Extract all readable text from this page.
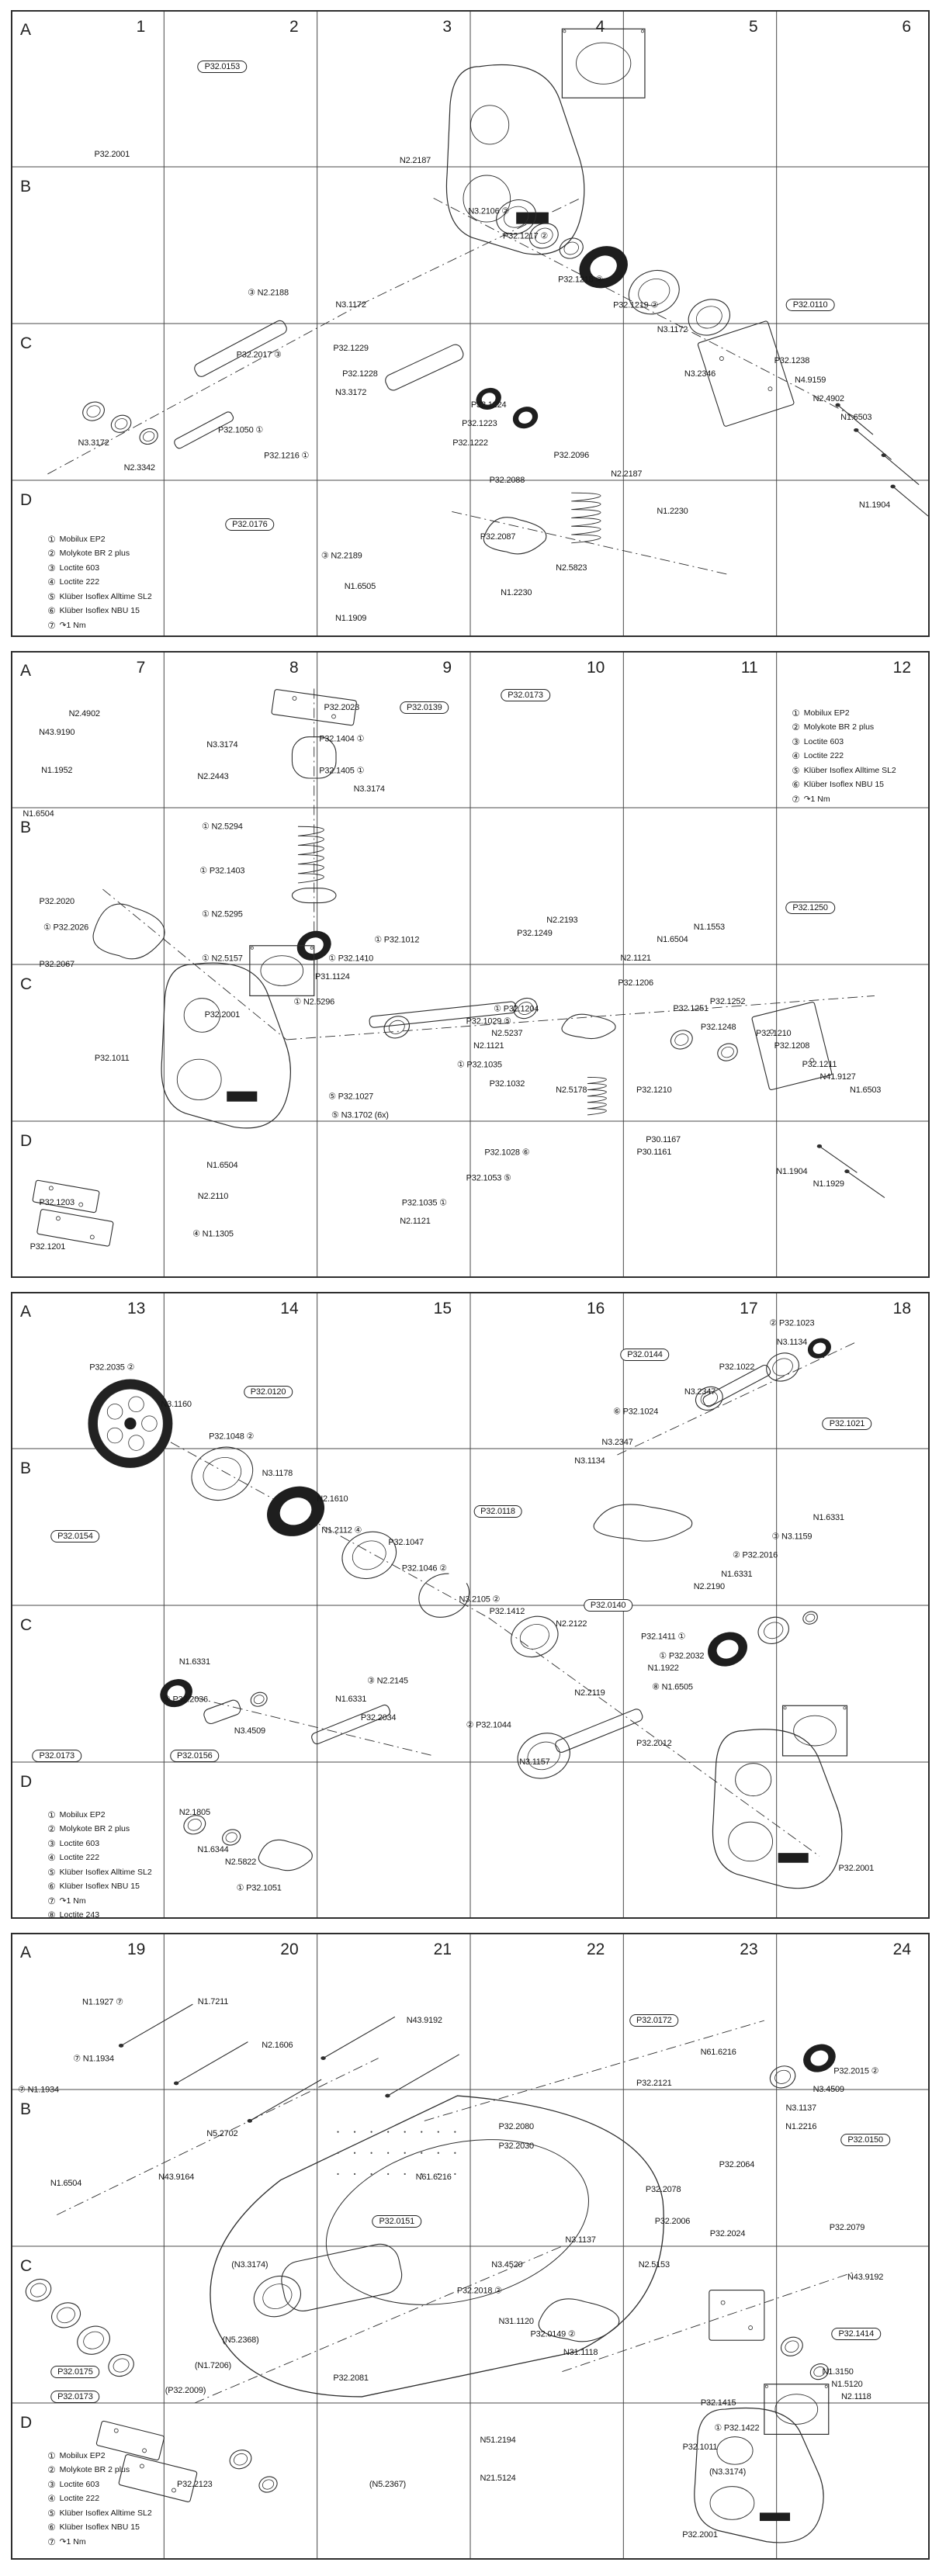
A
B
C
D
1	2	3	4	5	6
P32.0153
P32.2001
N2.2187
③ N2.2188
N3.1172
N3.2106 ②
P32.1217 ②
P32.1218 ②
P32.1219 ②	P32.0110
P32.2017 ③
P32.1229
P32.1228
N3.3172
P32.1050 ①
N3.3172
P32.1216 ①
N2.3342
P32.0176
③ N2.2189
N1.6505
N1.1909
N3.1172
P32.1238
N3.2346
N4.9159
N2.4902
N1.6503
P32.1224
P32.1223
P32.1222
P32.2096
N2.2187
P32.2088
N1.2230
N1.1904
P32.2087
N2.5823
N1.2230
① Mobilux EP2
② Molykote BR 2 plus
③ Loctite 603
④ Loctite 222
⑤ Klüber Isoflex Alltime SL2
⑥ Klüber Isoflex NBU 15
⑦ ↷ 1 Nm
A
B
C
D
7	8	9	10	11	12
N2.4902
N43.9190
N1.1952
N1.6504
P32.2020
① P32.2026
P32.2067
P32.2023
N3.3174
N2.2443
P32.1404 ①
P32.1405 ①
N3.3174
P32.0139
① N2.5294
① P32.1403
① N2.5295
① N2.5157
① P32.1012
① P32.1410
P32.0173
P32.1250
N2.2193
P32.1249
N1.1553
N1.6504
N2.1121
P31.1124
① N2.5296
P32.2001
P32.1011
⑤ P32.1027
⑤ N3.1702 (6x)
N1.6504
N2.2110
④ N1.1305
P32.1203
P32.1201
P32.1035 ①
N2.1121
① P32.1204
P32.1029 ⑤
N2.5237
N2.1121
① P32.1035
P32.1032
P32.1206
P32.1252
P32.1251
P32.1248
P32.1210
P32.1208
P32.1211
N41.9127
N1.6503
N2.5178	P32.1210
P30.1167
P30.1161
P32.1028 ⑥
P32.1053 ⑤
N1.1904
N1.1929
① Mobilux EP2
② Molykote BR 2 plus
③ Loctite 603
④ Loctite 222
⑤ Klüber Isoflex Alltime SL2
⑥ Klüber Isoflex NBU 15
⑦ ↷ 1 Nm
A
B
C
D
13	14	15	16	17	18
P32.2035 ②
N3.1160
P32.0120
P32.1048 ②
N3.1178
P32.0154
N2.1610
N1.2112 ④
P32.1047
P32.1046 ②
P32.0144
② P32.1023
N3.1134
P32.1022
N3.2347
⑥ P32.1024
P32.1021
N3.2347
N3.1134
P32.0118
N1.6331
③ N3.1159
② P32.2016
N1.6331
N2.2190
N3.2105 ②
P32.0140
N1.6331
② P32.2036
N3.4509
P32.0173	P32.0156
③ N2.2145
N1.6331
P32.2034
N2.1805
N1.6344
N2.5822
① P32.1051
P32.1412
N2.2122
P32.1411 ①
① P32.2032
N1.1922
⑧ N1.6505
N2.2119
② P32.1044
P32.2012
N3.1157
P32.2001
① Mobilux EP2
② Molykote BR 2 plus
③ Loctite 603
④ Loctite 222
⑤ Klüber Isoflex Alltime SL2
⑥ Klüber Isoflex NBU 15
⑦ ↷ 1 Nm
⑧ Loctite 243
A
B
C
D
19	20	21	22	23	24
N1.1927 ⑦	N1.7211
N2.1606
N43.9192
⑦ N1.1934
⑦ N1.1934
N5.2702
N1.6504
N43.9164	N61.6216
P32.0151
P32.0172
N61.6216
P32.2121
P32.2015 ②
N3.4509
N3.1137
N1.2216
P32.0150
P32.2080
P32.2030
P32.2064
P32.2078
P32.2006
P32.2024
P32.2079
N3.1137
(N3.3174)
(N5.2368)
(N1.7206)
(P32.2009)
P32.2081
P32.0175
P32.0173
P32.2123	(N5.2367)
N3.4520
P32.2018 ②
N31.1120
P32.0149 ②
N31.1118
N2.5153
N43.9192
P32.1414
N1.3150
N1.5120
N2.1118
P32.1415
① P32.1422
P32.1011
(N3.3174)
N51.2194
N21.5124
P32.2001
① Mobilux EP2
② Molykote BR 2 plus
③ Loctite 603
④ Loctite 222
⑤ Klüber Isoflex Alltime SL2
⑥ Klüber Isoflex NBU 15
⑦ ↷ 1 Nm
